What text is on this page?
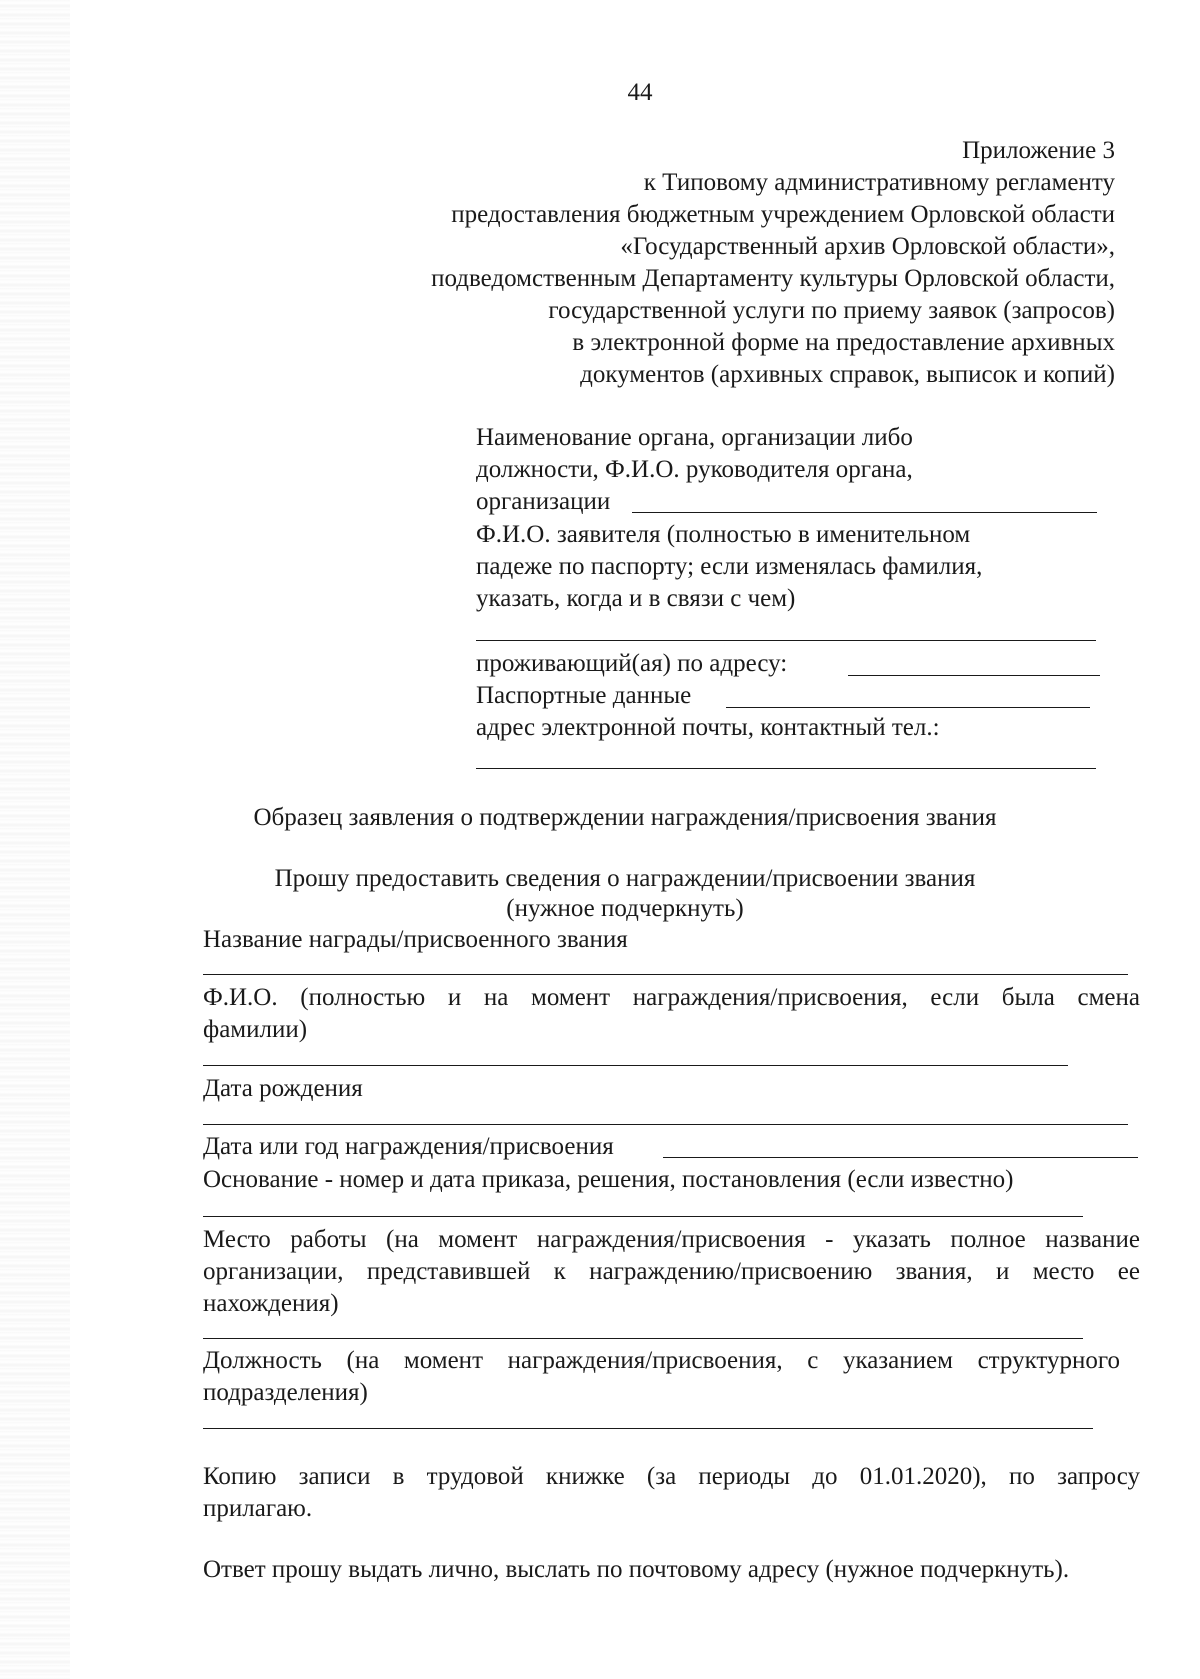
44
Приложение 3
к Типовому административному регламенту
предоставления бюджетным учреждением Орловской области
«Государственный архив Орловской области»,
подведомственным Департаменту культуры Орловской области,
государственной услуги по приему заявок (запросов)
в электронной форме на предоставление архивных
документов (архивных справок, выписок и копий)
Наименование органа, организации либо
должности, Ф.И.О. руководителя органа,
организации
Ф.И.О. заявителя (полностью в именительном
падеже по паспорту; если изменялась фамилия,
указать, когда и в связи с чем)
проживающий(ая) по адресу:
Паспортные данные
адрес электронной почты, контактный тел.:
Образец заявления о подтверждении награждения/присвоения звания
Прошу предоставить сведения о награждении/присвоении звания
(нужное подчеркнуть)
Название награды/присвоенного звания
Ф.И.О. (полностью и на момент награждения/присвоения, если была смена
фамилии)
Дата рождения
Дата или год награждения/присвоения
Основание - номер и дата приказа, решения, постановления (если известно)
Место работы (на момент награждения/присвоения - указать полное название
организации, представившей к награждению/присвоению звания, и место ее
нахождения)
Должность (на момент награждения/присвоения, с указанием структурного
подразделения)
Копию записи в трудовой книжке (за периоды до 01.01.2020), по запросу
прилагаю.
Ответ прошу выдать лично, выслать по почтовому адресу (нужное подчеркнуть).
